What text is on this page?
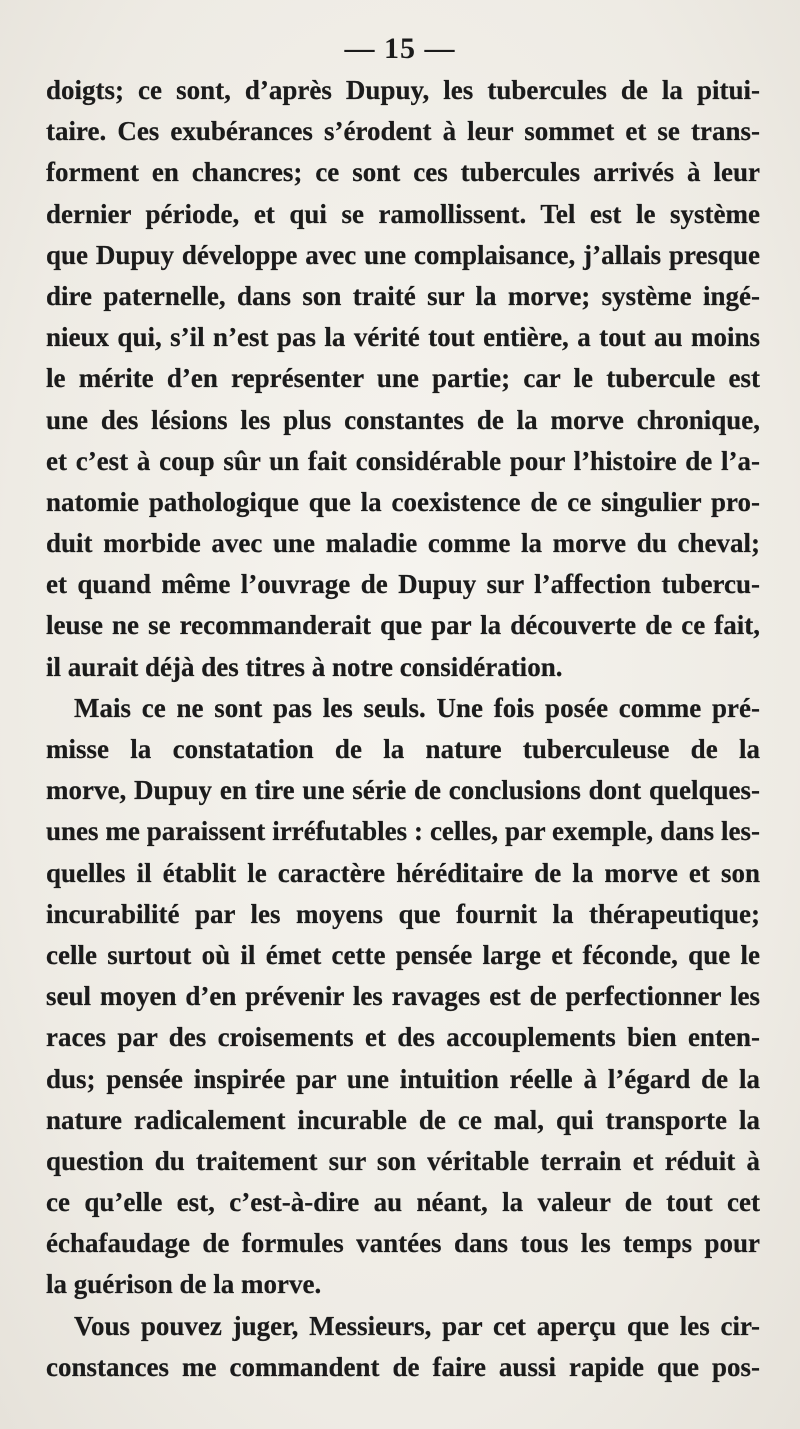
— 15 —
doigts; ce sont, d’après Dupuy, les tubercules de la pitui-
taire. Ces exubérances s’érodent à leur sommet et se trans-
forment en chancres; ce sont ces tubercules arrivés à leur
dernier période, et qui se ramollissent. Tel est le système
que Dupuy développe avec une complaisance, j’allais presque
dire paternelle, dans son traité sur la morve; système ingé-
nieux qui, s’il n’est pas la vérité tout entière, a tout au moins
le mérite d’en représenter une partie; car le tubercule est
une des lésions les plus constantes de la morve chronique,
et c’est à coup sûr un fait considérable pour l’histoire de l’a-
natomie pathologique que la coexistence de ce singulier pro-
duit morbide avec une maladie comme la morve du cheval;
et quand même l’ouvrage de Dupuy sur l’affection tubercu-
leuse ne se recommanderait que par la découverte de ce fait,
il aurait déjà des titres à notre considération.
Mais ce ne sont pas les seuls. Une fois posée comme pré-
misse la constatation de la nature tuberculeuse de la
morve, Dupuy en tire une série de conclusions dont quelques-
unes me paraissent irréfutables : celles, par exemple, dans les-
quelles il établit le caractère héréditaire de la morve et son
incurabilité par les moyens que fournit la thérapeutique;
celle surtout où il émet cette pensée large et féconde, que le
seul moyen d’en prévenir les ravages est de perfectionner les
races par des croisements et des accouplements bien enten-
dus; pensée inspirée par une intuition réelle à l’égard de la
nature radicalement incurable de ce mal, qui transporte la
question du traitement sur son véritable terrain et réduit à
ce qu’elle est, c’est-à-dire au néant, la valeur de tout cet
échafaudage de formules vantées dans tous les temps pour
la guérison de la morve.
Vous pouvez juger, Messieurs, par cet aperçu que les cir-
constances me commandent de faire aussi rapide que pos-
